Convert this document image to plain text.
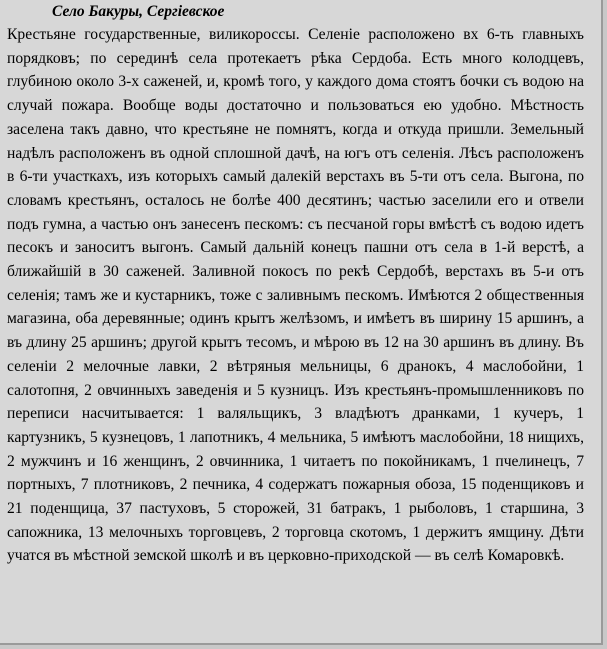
Село Бакуры, Сергіевское
Крестьяне государственные, виликороссы. Селеніе расположено вх 6-ть главныхъ порядковъ; по серединѣ села протекаетъ рѣка Сердоба. Есть много колодцевъ, глубиною около 3-х саженей, и, кромѣ того, у каждого дома стоятъ бочки съ водою на случай пожара. Вообще воды достаточно и пользоваться ею удобно. Мѣстность заселена такъ давно, что крестьяне не помнятъ, когда и откуда пришли. Земельный надѣлъ расположенъ въ одной сплошной дачѣ, на югъ отъ селенія. Лѣсъ расположенъ в 6-ти участкахъ, изъ которыхъ самый далекій верстахъ въ 5-ти отъ села. Выгона, по словамъ крестьянъ, осталось не болѣе 400 десятинъ; частью заселили его и отвели подъ гумна, а частью онъ занесенъ пескомъ: съ песчаной горы вмѣстѣ съ водою идетъ песокъ и заноситъ выгонъ. Самый дальній конецъ пашни отъ села в 1-й верстѣ, а ближайшій в 30 саженей. Заливной покосъ по рекѣ Сердобѣ, верстахъ въ 5-и отъ селенія; тамъ же и кустарникъ, тоже с заливнымъ пескомъ. Имѣются 2 общественныя магазина, оба деревянные; одинъ крытъ желѣзомъ, и имѣетъ въ ширину 15 аршинъ, а въ длину 25 аршинъ; другой крытъ тесомъ, и мѣрою въ 12 на 30 аршинъ въ длину. Въ селеніи 2 мелочные лавки, 2 вѣтряныя мельницы, 6 дранокъ, 4 маслобойни, 1 салотопня, 2 овчинныхъ заведенія и 5 кузницъ. Изъ крестьянъ-промышленниковъ по переписи насчитывается: 1 валяльщикъ, 3 владѣютъ дранками, 1 кучеръ, 1 картузникъ, 5 кузнецовъ, 1 лапотникъ, 4 мельника, 5 имѣютъ маслобойни, 18 нищихъ, 2 мужчинъ и 16 женщинъ, 2 овчинника, 1 читаетъ по покойникамъ, 1 пчелинецъ, 7 портныхъ, 7 плотниковъ, 2 печника, 4 содержатъ пожарныя обоза, 15 поденщиковъ и 21 поденщица, 37 пастуховъ, 5 сторожей, 31 батракъ, 1 рыболовъ, 1 старшина, 3 сапожника, 13 мелочныхъ торговцевъ, 2 торговца скотомъ, 1 держитъ ямщину. Дѣти учатся въ мѣстной земской школѣ и въ церковно-приходской — въ селѣ Комаровкѣ.
